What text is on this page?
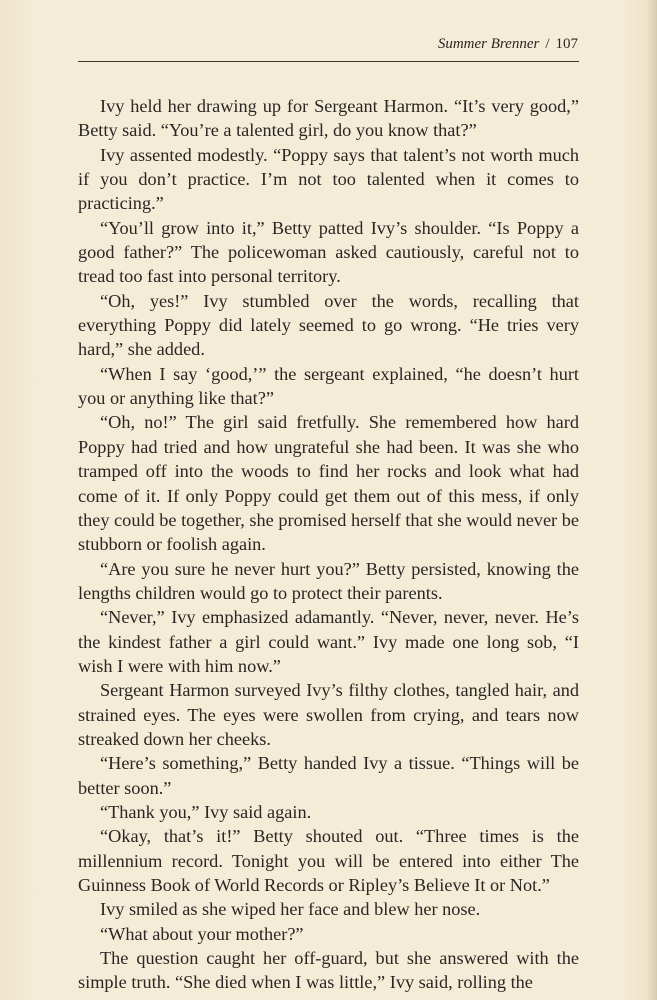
Summer Brenner / 107

Ivy held her drawing up for Sergeant Harmon. “It’s very good,” Betty said. “You’re a talented girl, do you know that?”

Ivy assented modestly. “Poppy says that talent’s not worth much if you don’t practice. I’m not too talented when it comes to practicing.”

“You’ll grow into it,” Betty patted Ivy’s shoulder. “Is Poppy a good father?” The policewoman asked cautiously, careful not to tread too fast into personal territory.

“Oh, yes!” Ivy stumbled over the words, recalling that everything Poppy did lately seemed to go wrong. “He tries very hard,” she added.

“When I say ‘good,’” the sergeant explained, “he doesn’t hurt you or anything like that?”

“Oh, no!” The girl said fretfully. She remembered how hard Poppy had tried and how ungrateful she had been. It was she who tramped off into the woods to find her rocks and look what had come of it. If only Poppy could get them out of this mess, if only they could be together, she promised herself that she would never be stubborn or foolish again.

“Are you sure he never hurt you?” Betty persisted, knowing the lengths children would go to protect their parents.

“Never,” Ivy emphasized adamantly. “Never, never, never. He’s the kindest father a girl could want.” Ivy made one long sob, “I wish I were with him now.”

Sergeant Harmon surveyed Ivy’s filthy clothes, tangled hair, and strained eyes. The eyes were swollen from crying, and tears now streaked down her cheeks.

“Here’s something,” Betty handed Ivy a tissue. “Things will be better soon.”

“Thank you,” Ivy said again.

“Okay, that’s it!” Betty shouted out. “Three times is the millennium record. Tonight you will be entered into either The Guinness Book of World Records or Ripley’s Believe It or Not.”

Ivy smiled as she wiped her face and blew her nose.

“What about your mother?”

The question caught her off-guard, but she answered with the simple truth. “She died when I was little,” Ivy said, rolling the
